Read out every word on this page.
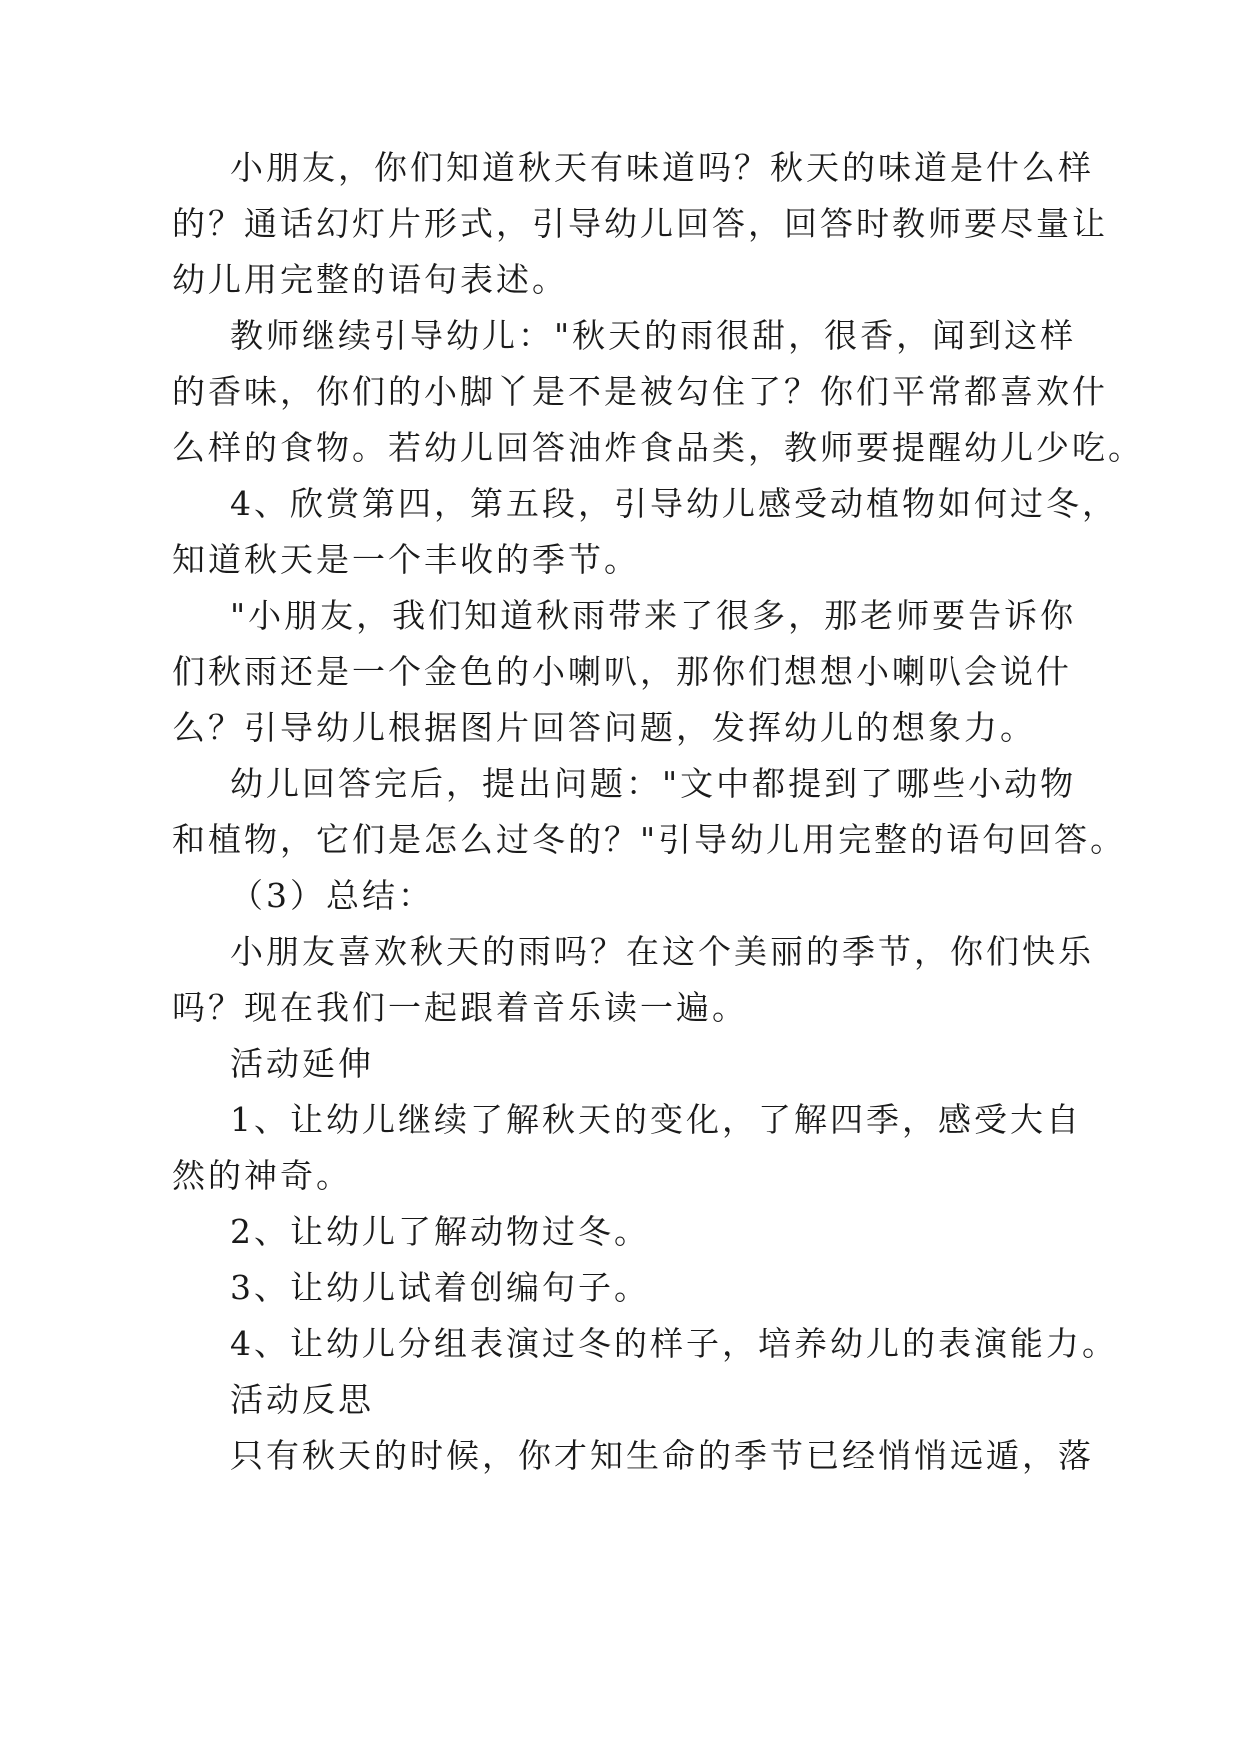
小朋友，你们知道秋天有味道吗？秋天的味道是什么样
的？通话幻灯片形式，引导幼儿回答，回答时教师要尽量让
幼儿用完整的语句表述。
教师继续引导幼儿："秋天的雨很甜，很香，闻到这样
的香味，你们的小脚丫是不是被勾住了？你们平常都喜欢什
么样的食物。若幼儿回答油炸食品类，教师要提醒幼儿少吃。
4、欣赏第四，第五段，引导幼儿感受动植物如何过冬，
知道秋天是一个丰收的季节。
"小朋友，我们知道秋雨带来了很多，那老师要告诉你
们秋雨还是一个金色的小喇叭，那你们想想小喇叭会说什
么？引导幼儿根据图片回答问题，发挥幼儿的想象力。
幼儿回答完后，提出问题："文中都提到了哪些小动物
和植物，它们是怎么过冬的？"引导幼儿用完整的语句回答。
（3）总结：
小朋友喜欢秋天的雨吗？在这个美丽的季节，你们快乐
吗？现在我们一起跟着音乐读一遍。
活动延伸
1、让幼儿继续了解秋天的变化，了解四季，感受大自
然的神奇。
2、让幼儿了解动物过冬。
3、让幼儿试着创编句子。
4、让幼儿分组表演过冬的样子，培养幼儿的表演能力。
活动反思
只有秋天的时候，你才知生命的季节已经悄悄远遁，落
